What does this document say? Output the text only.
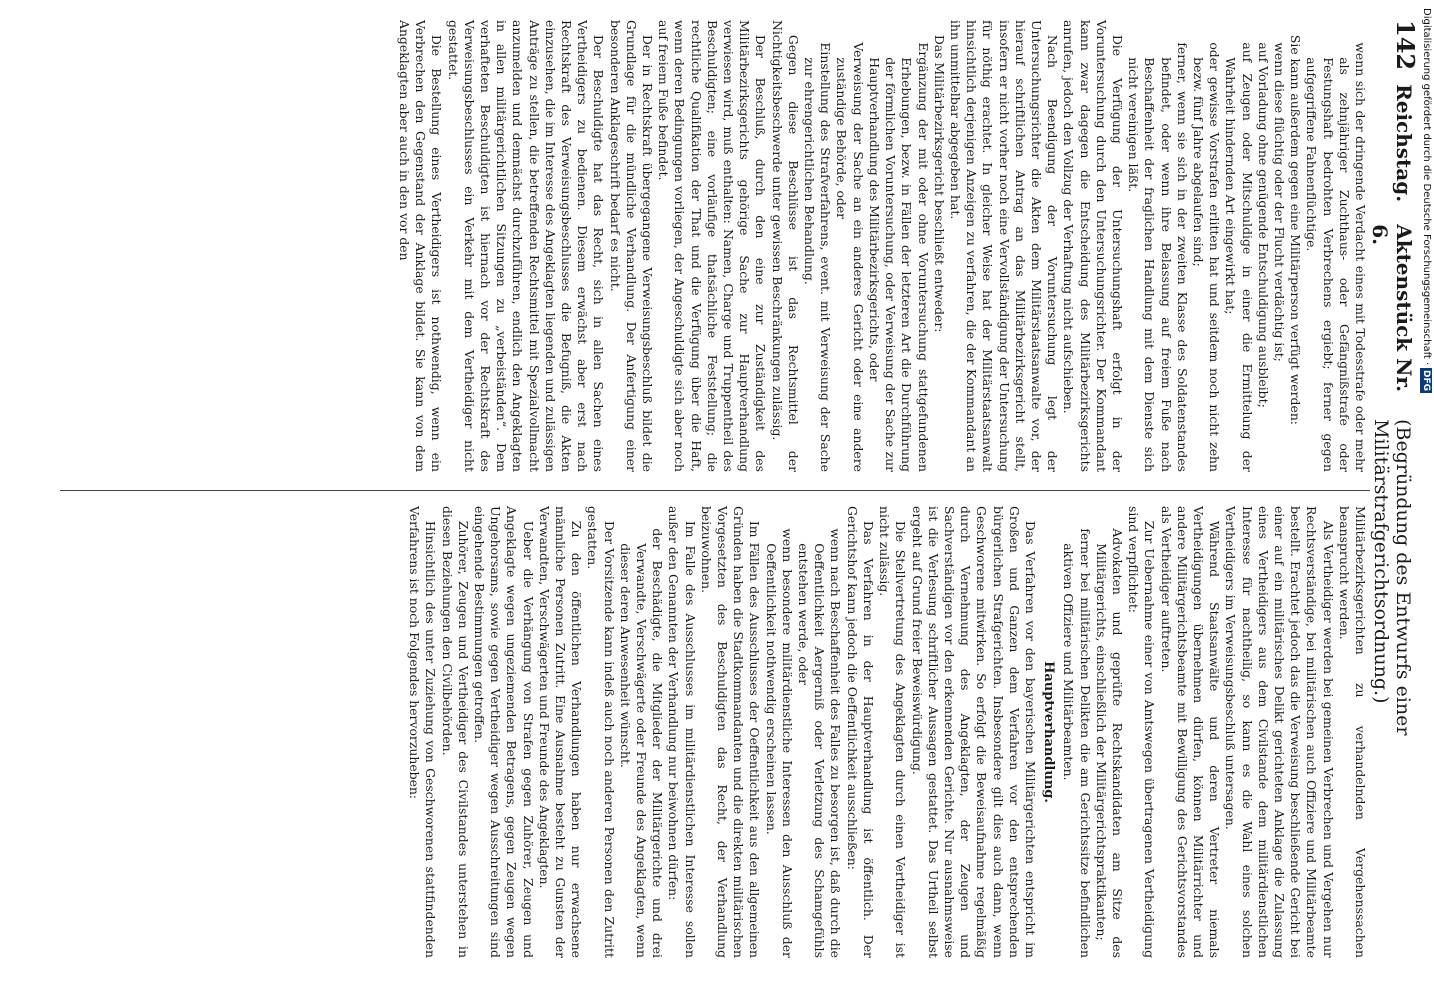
142
Reichstag.
Aktenstück Nr. 6.
(Begründung des Entwurfs einer Militärstrafgerichtsordnung.)

wenn sich der dringende Verdacht eines mit Todesstrafe oder mehr als zehnjähriger Zuchthaus- oder Gefängnißstrafe oder Festungshaft bedrohten Verbrechens ergiebt; ferner gegen aufgegriffene Fahnenflüchtige.

Sie kann außerdem gegen eine Militärperson verfügt werden:

wenn diese flüchtig oder der Flucht verdächtig ist;

auf Vorladung ohne genügende Entschuldigung ausbleibt;

auf Zeugen oder Mitschuldige in einer die Ermittelung der Wahrheit hindernden Art eingewirkt hat;

oder gewisse Vorstrafen erlitten hat und seitdem noch nicht zehn bezw. fünf Jahre abgelaufen sind;

ferner, wenn sie sich in der zweiten Klasse des Soldatenstandes befindet, oder wenn ihre Belassung auf freiem Fuße nach Beschaffenheit der fraglichen Handlung mit dem Dienste sich nicht vereinigen läßt.

Die Verfügung der Untersuchungshaft erfolgt in der Voruntersuchung durch den Untersuchungsrichter. Der Kommandant kann zwar dagegen die Entscheidung des Militärbezirksgerichts anrufen, jedoch den Vollzug der Verhaftung nicht aufschieben.

Nach Beendigung der Voruntersuchung legt der Untersuchungsrichter die Akten dem Militärstaatsanwalte vor, der hierauf schriftlichen Antrag an das Militärbezirksgericht stellt, insofern er nicht vorher noch eine Vervollständigung der Untersuchung für nöthig erachtet. In gleicher Weise hat der Militärstaatsanwalt hinsichtlich derjenigen Anzeigen zu verfahren, die der Kommandant an ihn unmittelbar abgegeben hat.

Das Militärbezirksgericht beschließt entweder:

Ergänzung der mit oder ohne Voruntersuchung stattgefundenen Erhebungen, bezw. in Fällen der letzteren Art die Durchführung der förmlichen Voruntersuchung, oder Verweisung der Sache zur Hauptverhandlung des Militärbezirksgerichts, oder

Verweisung der Sache an ein anderes Gericht oder eine andere zuständige Behörde, oder

Einstellung des Strafverfahrens, event. mit Verweisung der Sache zur ehrengerichtlichen Behandlung.

Gegen diese Beschlüsse ist das Rechtsmittel der Nichtigkeitsbeschwerde unter gewissen Beschränkungen zulässig.

Der Beschluß, durch den eine zur Zuständigkeit des Militärbezirksgerichts gehörige Sache zur Hauptverhandlung verwiesen wird, muß enthalten: Namen, Charge und Truppentheil des Beschuldigten; eine vorläufige thatsächliche Feststellung; die rechtliche Qualifikation der That und die Verfügung über die Haft, wenn deren Bedingungen vorliegen, der Angeschuldigte sich aber noch auf freiem Fuße befindet.

Der in Rechtskraft übergegangene Verweisungsbeschluß bildet die Grundlage für die mündliche Verhandlung. Der Anfertigung einer besonderen Anklageschrift bedarf es nicht.

Der Beschuldigte hat das Recht, sich in allen Sachen eines Vertheidigers zu bedienen. Diesem erwächst aber erst nach Rechtskraft des Verweisungsbeschlusses die Befugniß, die Akten einzusehen, die im Interesse des Angeklagten liegenden und zulässigen Anträge zu stellen, die betreffenden Rechtsmittel mit Spezialvollmacht anzumelden und demnächst durchzuführen, endlich den Angeklagten in allen militärgerichtlichen Sitzungen zu „verbeiständen“. Dem verhafteten Beschuldigten ist hiernach vor der Rechtskraft des Verweisungsbeschlusses ein Verkehr mit dem Vertheidiger nicht gestattet.

Die Bestellung eines Vertheidigers ist nothwendig, wenn ein Verbrechen den Gegenstand der Anklage bildet. Sie kann von dem Angeklagten aber auch in den vor den

Militärbezirksgerichten zu verhandelnden Vergehenssachen beansprucht werden.

Als Vertheidiger werden bei gemeinen Verbrechen und Vergehen nur Rechtsverständige, bei militärischen auch Offiziere und Militärbeamte bestellt. Erachtet jedoch das die Verweisung beschließende Gericht bei einer auf ein militärisches Delikt gerichteten Anklage die Zulassung eines Vertheidigers aus dem Civilstande dem militärdienstlichen Interesse für nachtheilig, so kann es die Wahl eines solchen Vertheidigers im Verweisungsbeschluß untersagen.

Während Staatsanwälte und deren Vertreter niemals Vertheidigungen übernehmen dürfen, können Militärrichter und andere Militärgerichtsbeamte mit Bewilligung des Gerichtsvorstandes als Vertheidiger auftreten.

Zur Uebernahme einer von Amtswegen übertragenen Vertheidigung sind verpflichtet:

Advokaten und geprüfte Rechtskandidaten am Sitze des Militärgerichts, einschließlich der Militärgerichtspraktikanten;

ferner bei militärischen Delikten die am Gerichtssitze befindlichen aktiven Offiziere und Militärbeamten.

Hauptverhandlung.

Das Verfahren vor den bayerischen Militärgerichten entspricht im Großen und Ganzen dem Verfahren vor den entsprechenden bürgerlichen Strafgerichten. Insbesondere gilt dies auch dann, wenn Geschworene mitwirken. So erfolgt die Beweisaufnahme regelmäßig durch Vernehmung des Angeklagten, der Zeugen und Sachverständigen vor den erkennenden Gerichte. Nur ausnahmsweise ist die Verlesung schriftlicher Aussagen gestattet. Das Urtheil selbst ergeht auf Grund freier Beweiswürdigung.

Die Stellvertretung des Angeklagten durch einen Vertheidiger ist nicht zulässig.

Das Verfahren in der Hauptverhandlung ist öffentlich. Der Gerichtshof kann jedoch die Oeffentlichkeit ausschließen:

wenn nach Beschaffenheit des Falles zu besorgen ist, daß durch die Oeffentlichkeit Aergerniß oder Verletzung des Schamgefühls entstehen werde, oder

wenn besondere militärdienstliche Interessen den Ausschluß der Oeffentlichkeit nothwendig erscheinen lassen.

Im Fällen des Ausschlusses der Oeffentlichkeit aus den allgemeinen Gründen haben die Stadtkommandanten und die direkten militärischen Vorgesetzten des Beschuldigten das Recht, der Verhandlung beizuwohnen.

Im Falle des Ausschlusses im militärdienstlichen Interesse sollen außer den Genannten der Verhandlung nur beiwohnen dürfen:

der Beschädigte, die Mitglieder der Militärgerichte und drei Verwandte, Verschwägerte oder Freunde des Angeklagten, wenn dieser deren Anwesenheit wünscht.

Der Vorsitzende kann indeß auch noch anderen Personen den Zutritt gestatten.

Zu den öffentlichen Verhandlungen haben nur erwachsene männliche Personen Zutritt. Eine Ausnahme besteht zu Gunsten der Verwandten, Verschwägerten und Freunde des Angeklagten.

Ueber die Verhängung von Strafen gegen Zuhörer, Zeugen und Angeklagte wegen ungeziemenden Betragens, gegen Zeugen wegen Ungehorsams, sowie gegen Vertheidiger wegen Ausschreitungen sind eingehende Bestimmungen getroffen.

Zuhörer, Zeugen und Vertheidiger des Civilstandes unterstehen in diesen Beziehungen den Civilbehörden.

Hinsichtlich des unter Zuziehung von Geschworenen stattfindenden Verfahrens ist noch Folgendes hervorzuheben:

Digitalisierung gefördert durch die Deutsche Forschungsgemeinschaft · DFG
